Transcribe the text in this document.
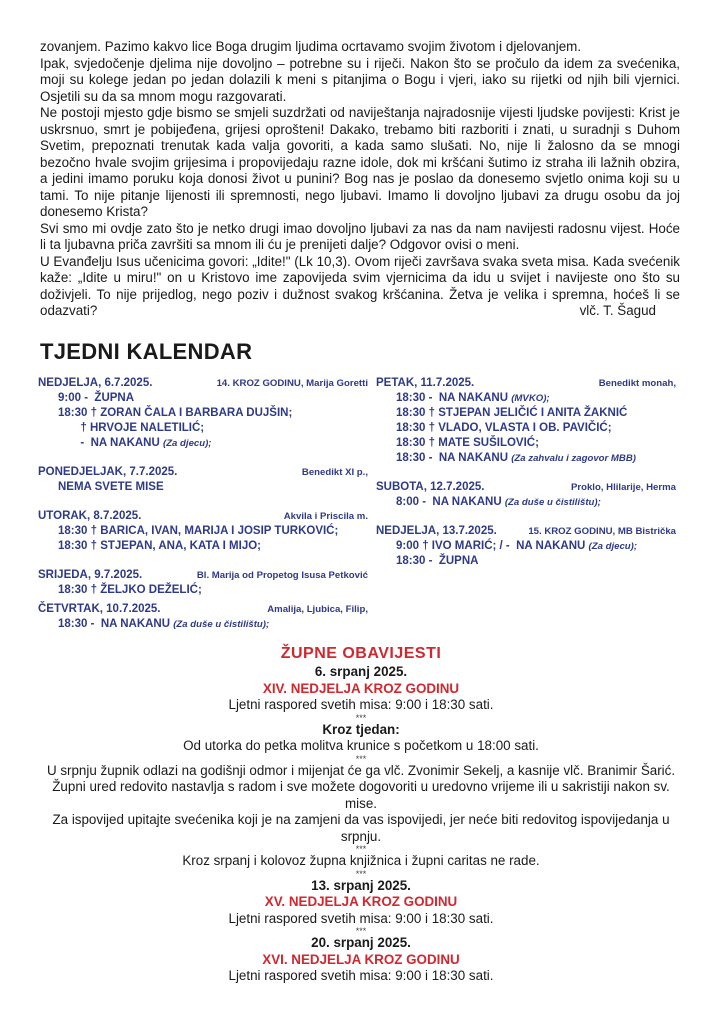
zovanjem. Pazimo kakvo lice Boga drugim ljudima ocrtavamo svojim životom i djelovanjem.

Ipak, svjedočenje djelima nije dovoljno – potrebne su i riječi. Nakon što se pročulo da idem za svećenika, moji su kolege jedan po jedan dolazili k meni s pitanjima o Bogu i vjeri, iako su rijetki od njih bili vjernici. Osjetili su da sa mnom mogu razgovarati.

Ne postoji mjesto gdje bismo se smjeli suzdržati od naviještanja najradosnije vijesti ljudske povijesti: Krist je uskrsnuo, smrt je pobijeđena, grijesi oprošteni! Dakako, trebamo biti razboriti i znati, u suradnji s Duhom Svetim, prepoznati trenutak kada valja govoriti, a kada samo slušati. No, nije li žalosno da se mnogi bezočno hvale svojim grijesima i propovijedaju razne idole, dok mi kršćani šutimo iz straha ili lažnih obzira, a jedini imamo poruku koja donosi život u punini? Bog nas je poslao da donesemo svjetlo onima koji su u tami. To nije pitanje lijenosti ili spremnosti, nego ljubavi. Imamo li dovoljno ljubavi za drugu osobu da joj donesemo Krista?

Svi smo mi ovdje zato što je netko drugi imao dovoljno ljubavi za nas da nam navijesti radosnu vijest. Hoće li ta ljubavna priča završiti sa mnom ili ću je prenijeti dalje? Odgovor ovisi o meni.

U Evanđelju Isus učenicima govori: „Idite!" (Lk 10,3). Ovom riječi završava svaka sveta misa. Kada svećenik kaže: „Idite u miru!" on u Kristovo ime zapovijeda svim vjernicima da idu u svijet i navijeste ono što su doživjeli. To nije prijedlog, nego poziv i dužnost svakog kršćanina. Žetva je velika i spremna, hoćeš li se odazvati?	vlč. T. Šagud

TJEDNI KALENDAR
NEDJELJA, 6.7.2025.	14. KROZ GODINU, Marija Goretti
9:00 -  ŽUPNA
18:30 † ZORAN ČALA I BARBARA DUJŠIN;
† HRVOJE NALETILIĆ;
-  NA NAKANU (Za djecu);
PONEDJELJAK, 7.7.2025.	Benedikt XI p.,
NEMA SVETE MISE
UTORAK, 8.7.2025.	Akvila i Priscila m.
18:30 † BARICA, IVAN, MARIJA I JOSIP TURKOVIĆ;
18:30 † STJEPAN, ANA, KATA I MIJO;
SRIJEDA, 9.7.2025.	Bl. Marija od Propetog Isusa Petković
18:30 † ŽELJKO DEŽELIĆ;
ČETVRTAK, 10.7.2025.	Amalija, Ljubica, Filip,
18:30 -  NA NAKANU (Za duše u čistilištu);
PETAK, 11.7.2025.	Benedikt monah,
18:30 -  NA NAKANU (MVKO);
18:30 † STJEPAN JELIČIĆ I ANITA ŽAKNIĆ
18:30 † VLADO, VLASTA I OB. PAVIČIĆ;
18:30 † MATE SUŠILOVIĆ;
18:30 -  NA NAKANU (Za zahvalu i zagovor MBB)
SUBOTA, 12.7.2025.	Proklo, Hlilarije, Herma
8:00 -  NA NAKANU (Za duše u čistilištu);
NEDJELJA, 13.7.2025.	15. KROZ GODINU, MB Bistrička
9:00 † IVO MARIĆ; / -  NA NAKANU (Za djecu);
18:30 -  ŽUPNA
ŽUPNE OBAVIJESTI
6. srpanj 2025.
XIV. NEDJELJA KROZ GODINU
Ljetni raspored svetih misa: 9:00 i 18:30 sati.
***
Kroz tjedan:
Od utorka do petka molitva krunice s početkom u 18:00 sati.
***
U srpnju župnik odlazi na godišnji odmor i mijenjat će ga vlč. Zvonimir Sekelj, a kasnije vlč. Branimir Šarić. Župni ured redovito nastavlja s radom i sve možete dogovoriti u uredovno vrijeme ili u sakristiji nakon sv. mise.
Za ispovijed upitajte svećenika koji je na zamjeni da vas ispovijedi, jer neće biti redovitog ispovijedanja u srpnju.
***
Kroz srpanj i kolovoz župna knjižnica i župni caritas ne rade.
***
13. srpanj 2025.
XV. NEDJELJA KROZ GODINU
Ljetni raspored svetih misa: 9:00 i 18:30 sati.
***
20. srpanj 2025.
XVI. NEDJELJA KROZ GODINU
Ljetni raspored svetih misa: 9:00 i 18:30 sati.
